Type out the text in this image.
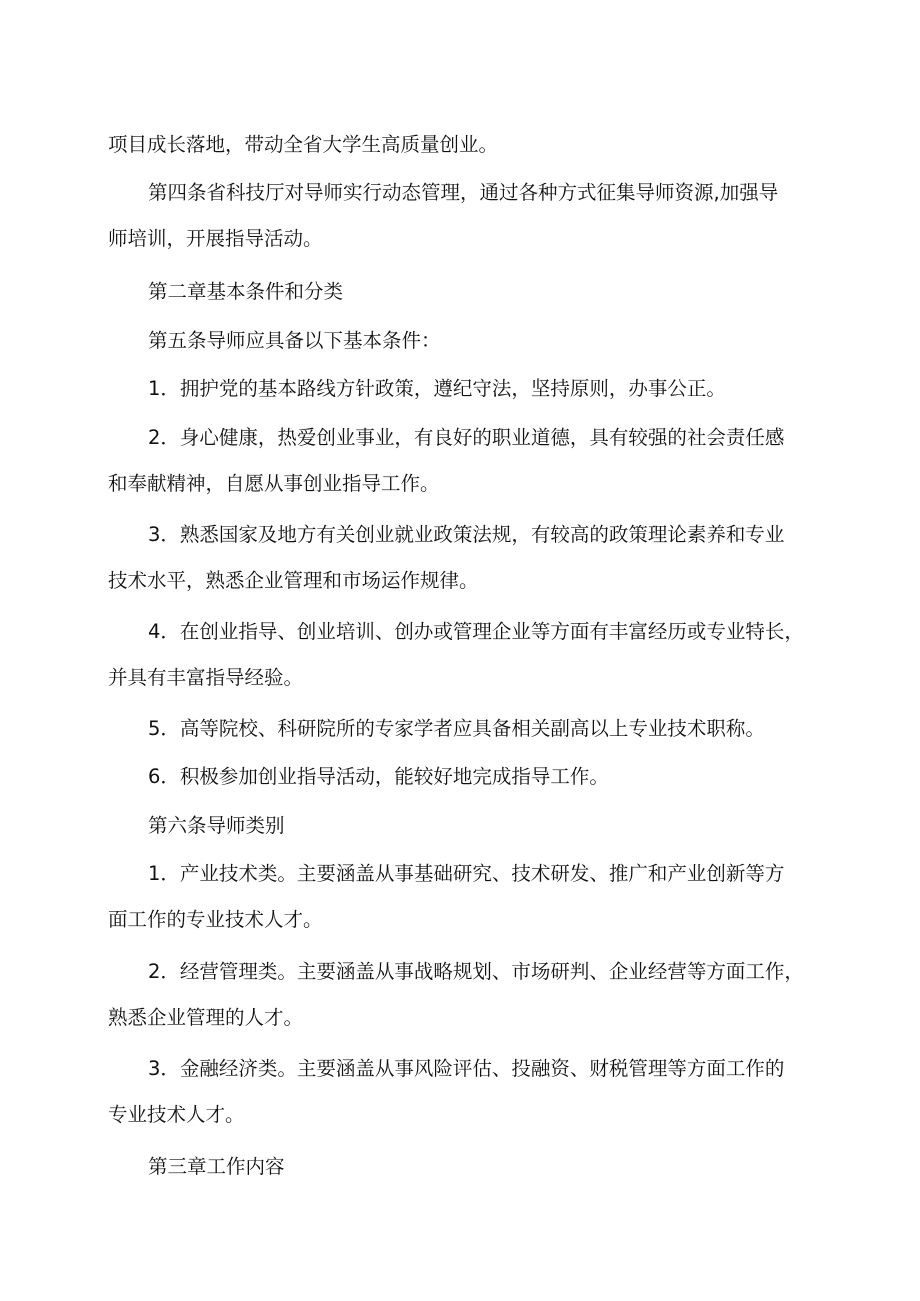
项目成长落地，带动全省大学生高质量创业。
第四条省科技厅对导师实行动态管理，通过各种方式征集导师资源,加强导
师培训，开展指导活动。
第二章基本条件和分类
第五条导师应具备以下基本条件：
1．拥护党的基本路线方针政策，遵纪守法，坚持原则，办事公正。
2．身心健康，热爱创业事业，有良好的职业道德，具有较强的社会责任感
和奉献精神，自愿从事创业指导工作。
3．熟悉国家及地方有关创业就业政策法规，有较高的政策理论素养和专业
技术水平，熟悉企业管理和市场运作规律。
4．在创业指导、创业培训、创办或管理企业等方面有丰富经历或专业特长，
并具有丰富指导经验。
5．高等院校、科研院所的专家学者应具备相关副高以上专业技术职称。
6．积极参加创业指导活动，能较好地完成指导工作。
第六条导师类别
1．产业技术类。主要涵盖从事基础研究、技术研发、推广和产业创新等方
面工作的专业技术人才。
2．经营管理类。主要涵盖从事战略规划、市场研判、企业经营等方面工作，
熟悉企业管理的人才。
3．金融经济类。主要涵盖从事风险评估、投融资、财税管理等方面工作的
专业技术人才。
第三章工作内容
